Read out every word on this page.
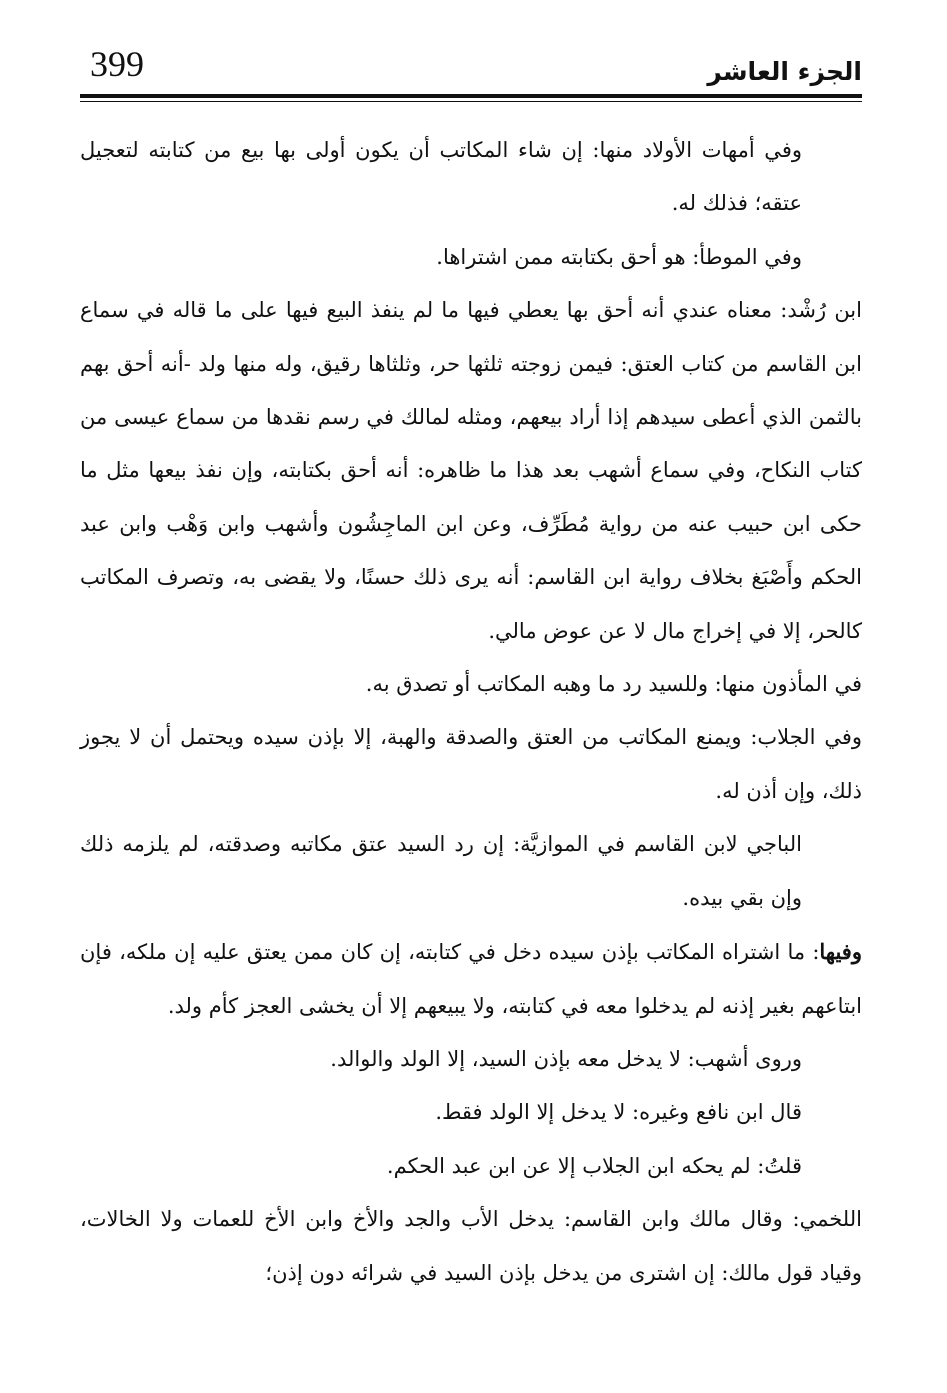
399	الجزء العاشر

وفي أمهات الأولاد منها: إن شاء المكاتب أن يكون أولى بها بيع من كتابته لتعجيل عتقه؛ فذلك له.

وفي الموطأ: هو أحق بكتابته ممن اشتراها.

ابن رُشْد: معناه عندي أنه أحق بها يعطي فيها ما لم ينفذ البيع فيها على ما قاله في سماع ابن القاسم من كتاب العتق: فيمن زوجته ثلثها حر، وثلثاها رقيق، وله منها ولد -أنه أحق بهم بالثمن الذي أعطى سيدهم إذا أراد بيعهم، ومثله لمالك في رسم نقدها من سماع عيسى من كتاب النكاح، وفي سماع أشهب بعد هذا ما ظاهره: أنه أحق بكتابته، وإن نفذ بيعها مثل ما حكى ابن حبيب عنه من رواية مُطَرِّف، وعن ابن الماجِشُون وأشهب وابن وَهْب وابن عبد الحكم وأَصْبَغ بخلاف رواية ابن القاسم: أنه يرى ذلك حسنًا، ولا يقضى به، وتصرف المكاتب كالحر، إلا في إخراج مال لا عن عوض مالي.

في المأذون منها: وللسيد رد ما وهبه المكاتب أو تصدق به.

وفي الجلاب: ويمنع المكاتب من العتق والصدقة والهبة، إلا بإذن سيده ويحتمل أن لا يجوز ذلك، وإن أذن له.

الباجي لابن القاسم في الموازيَّة: إن رد السيد عتق مكاتبه وصدقته، لم يلزمه ذلك وإن بقي بيده.

وفيها: ما اشتراه المكاتب بإذن سيده دخل في كتابته، إن كان ممن يعتق عليه إن ملكه، فإن ابتاعهم بغير إذنه لم يدخلوا معه في كتابته، ولا يبيعهم إلا أن يخشى العجز كأم ولد.

وروى أشهب: لا يدخل معه بإذن السيد، إلا الولد والوالد.

قال ابن نافع وغيره: لا يدخل إلا الولد فقط.

قلتُ: لم يحكه ابن الجلاب إلا عن ابن عبد الحكم.

اللخمي: وقال مالك وابن القاسم: يدخل الأب والجد والأخ وابن الأخ للعمات ولا الخالات، وقياد قول مالك: إن اشترى من يدخل بإذن السيد في شرائه دون إذن؛
